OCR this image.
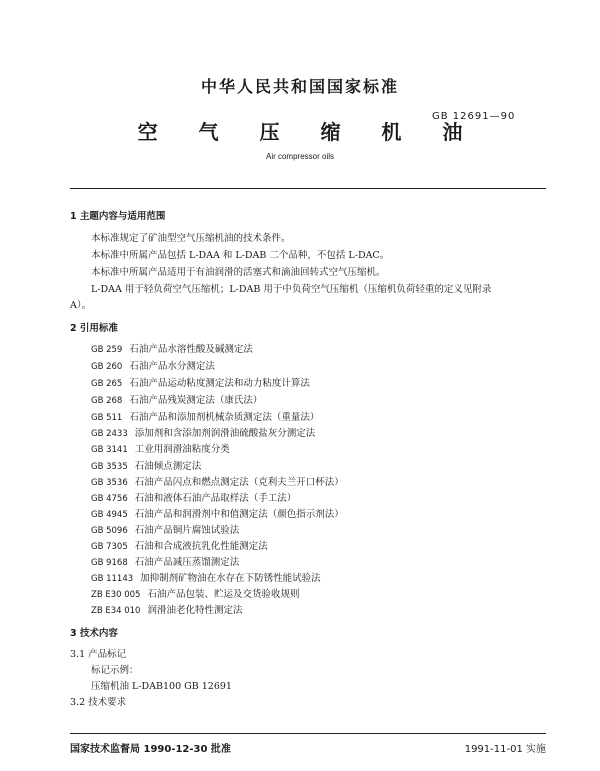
中华人民共和国国家标准
GB 12691—90
空 气 压 缩 机 油
Air compressor oils
1 主题内容与适用范围
本标准规定了矿油型空气压缩机油的技术条件。
本标准中所属产品包括 L-DAA 和 L-DAB 二个品种，不包括 L-DAC。
本标准中所属产品适用于有油润滑的活塞式和滴油回转式空气压缩机。
L-DAA 用于轻负荷空气压缩机；L-DAB 用于中负荷空气压缩机（压缩机负荷轻重的定义见附录
A）。
2 引用标准
GB 259 石油产品水溶性酸及碱测定法
GB 260 石油产品水分测定法
GB 265 石油产品运动粘度测定法和动力粘度计算法
GB 268 石油产品残炭测定法（康氏法）
GB 511 石油产品和添加剂机械杂质测定法（重量法）
GB 2433 添加剂和含添加剂润滑油硫酸盐灰分测定法
GB 3141 工业用润滑油粘度分类
GB 3535 石油倾点测定法
GB 3536 石油产品闪点和燃点测定法（克利夫兰开口杯法）
GB 4756 石油和液体石油产品取样法（手工法）
GB 4945 石油产品和润滑剂中和值测定法（颜色指示剂法）
GB 5096 石油产品铜片腐蚀试验法
GB 7305 石油和合成液抗乳化性能测定法
GB 9168 石油产品减压蒸馏测定法
GB 11143 加抑制剂矿物油在水存在下防锈性能试验法
ZB E30 005 石油产品包装、贮运及交货验收规则
ZB E34 010 润滑油老化特性测定法
3 技术内容
3.1 产品标记
标记示例：
压缩机油 L-DAB100 GB 12691
3.2 技术要求
国家技术监督局 1990-12-30 批准	1991-11-01 实施
